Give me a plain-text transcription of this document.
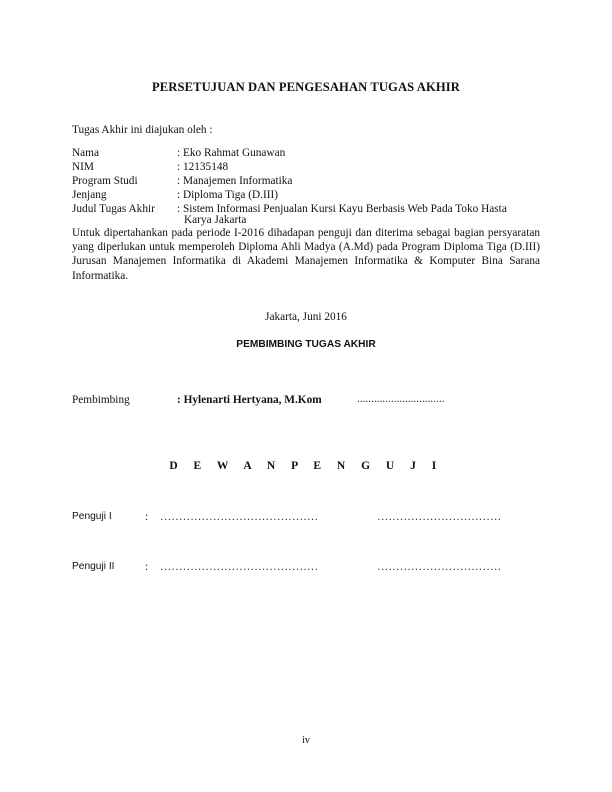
PERSETUJUAN DAN PENGESAHAN TUGAS AKHIR
Tugas Akhir ini diajukan oleh :
Nama	: Eko Rahmat Gunawan
NIM	: 12135148
Program Studi	: Manajemen Informatika
Jenjang	: Diploma Tiga (D.III)
Judul Tugas Akhir : Sistem Informasi Penjualan Kursi Kayu Berbasis Web Pada Toko Hasta
Karya Jakarta
Untuk dipertahankan pada periode I-2016 dihadapan penguji dan diterima sebagai bagian persyaratan yang diperlukan untuk memperoleh Diploma Ahli Madya (A.Md) pada Program Diploma Tiga (D.III) Jurusan Manajemen Informatika di Akademi Manajemen Informatika & Komputer Bina Sarana Informatika.
Jakarta, Juni 2016
PEMBIMBING TUGAS AKHIR
Pembimbing	: Hylenarti Hertyana, M.Kom	...............................
D E W A N P E N G U J I
Penguji I	: ……………………………………	……………………………
Penguji II	: ……………………………………	……………………………
iv
